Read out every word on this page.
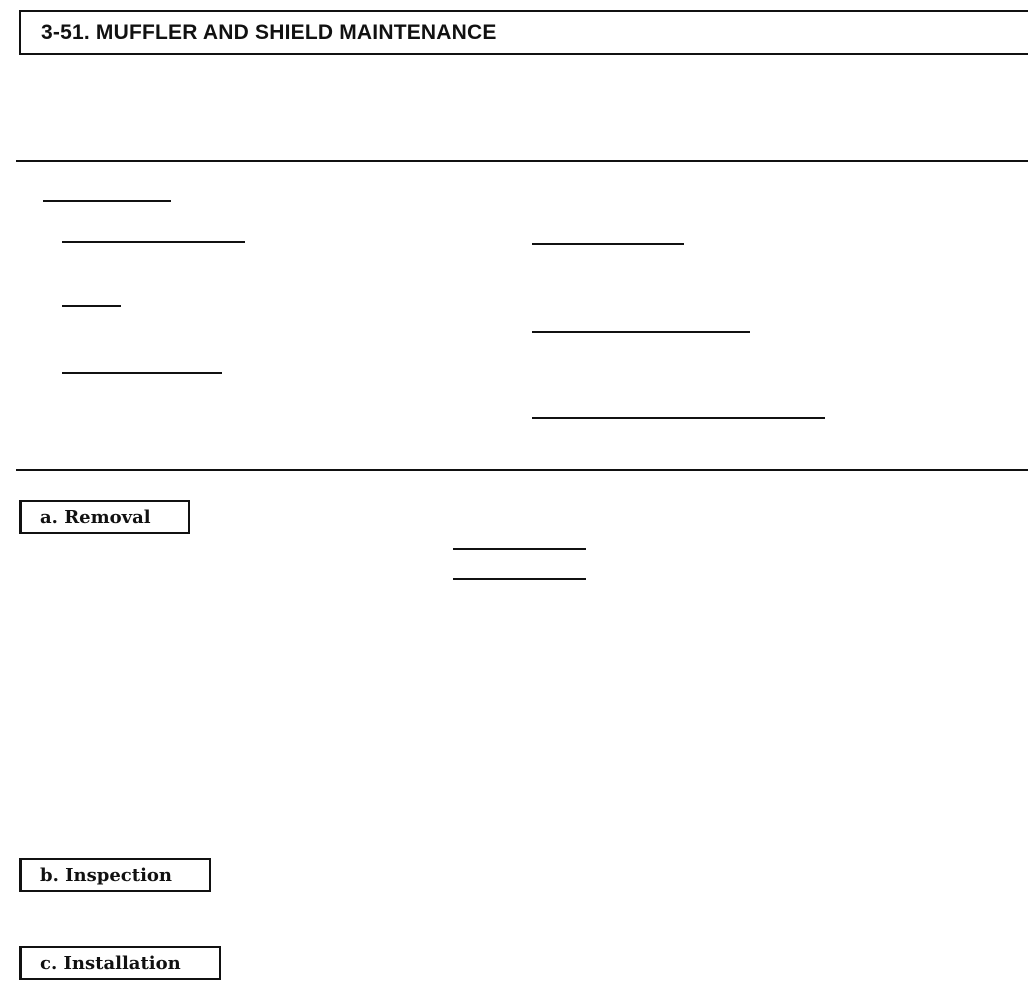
3-51. MUFFLER AND SHIELD MAINTENANCE
a. Removal
b. Inspection
c. Installation
